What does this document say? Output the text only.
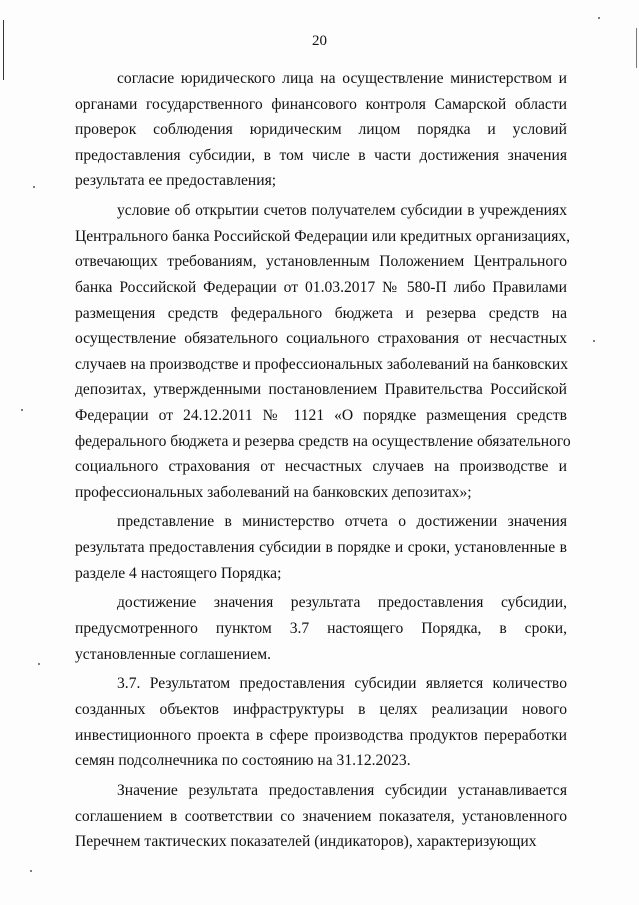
20
согласие юридического лица на осуществление министерством и
органами государственного финансового контроля Самарской области
проверок соблюдения юридическим лицом порядка и условий
предоставления субсидии, в том числе в части достижения значения
результата ее предоставления;
условие об открытии счетов получателем субсидии в учреждениях
Центрального банка Российской Федерации или кредитных организациях,
отвечающих требованиям, установленным Положением Центрального
банка Российской Федерации от 01.03.2017 № 580-П либо Правилами
размещения средств федерального бюджета и резерва средств на
осуществление обязательного социального страхования от несчастных
случаев на производстве и профессиональных заболеваний на банковских
депозитах, утвержденными постановлением Правительства Российской
Федерации от 24.12.2011 № 1121 «О порядке размещения средств
федерального бюджета и резерва средств на осуществление обязательного
социального страхования от несчастных случаев на производстве и
профессиональных заболеваний на банковских депозитах»;
представление в министерство отчета о достижении значения
результата предоставления субсидии в порядке и сроки, установленные в
разделе 4 настоящего Порядка;
достижение значения результата предоставления субсидии,
предусмотренного пунктом 3.7 настоящего Порядка, в сроки,
установленные соглашением.
3.7. Результатом предоставления субсидии является количество
созданных объектов инфраструктуры в целях реализации нового
инвестиционного проекта в сфере производства продуктов переработки
семян подсолнечника по состоянию на 31.12.2023.
Значение результата предоставления субсидии устанавливается
соглашением в соответствии со значением показателя, установленного
Перечнем тактических показателей (индикаторов), характеризующих
